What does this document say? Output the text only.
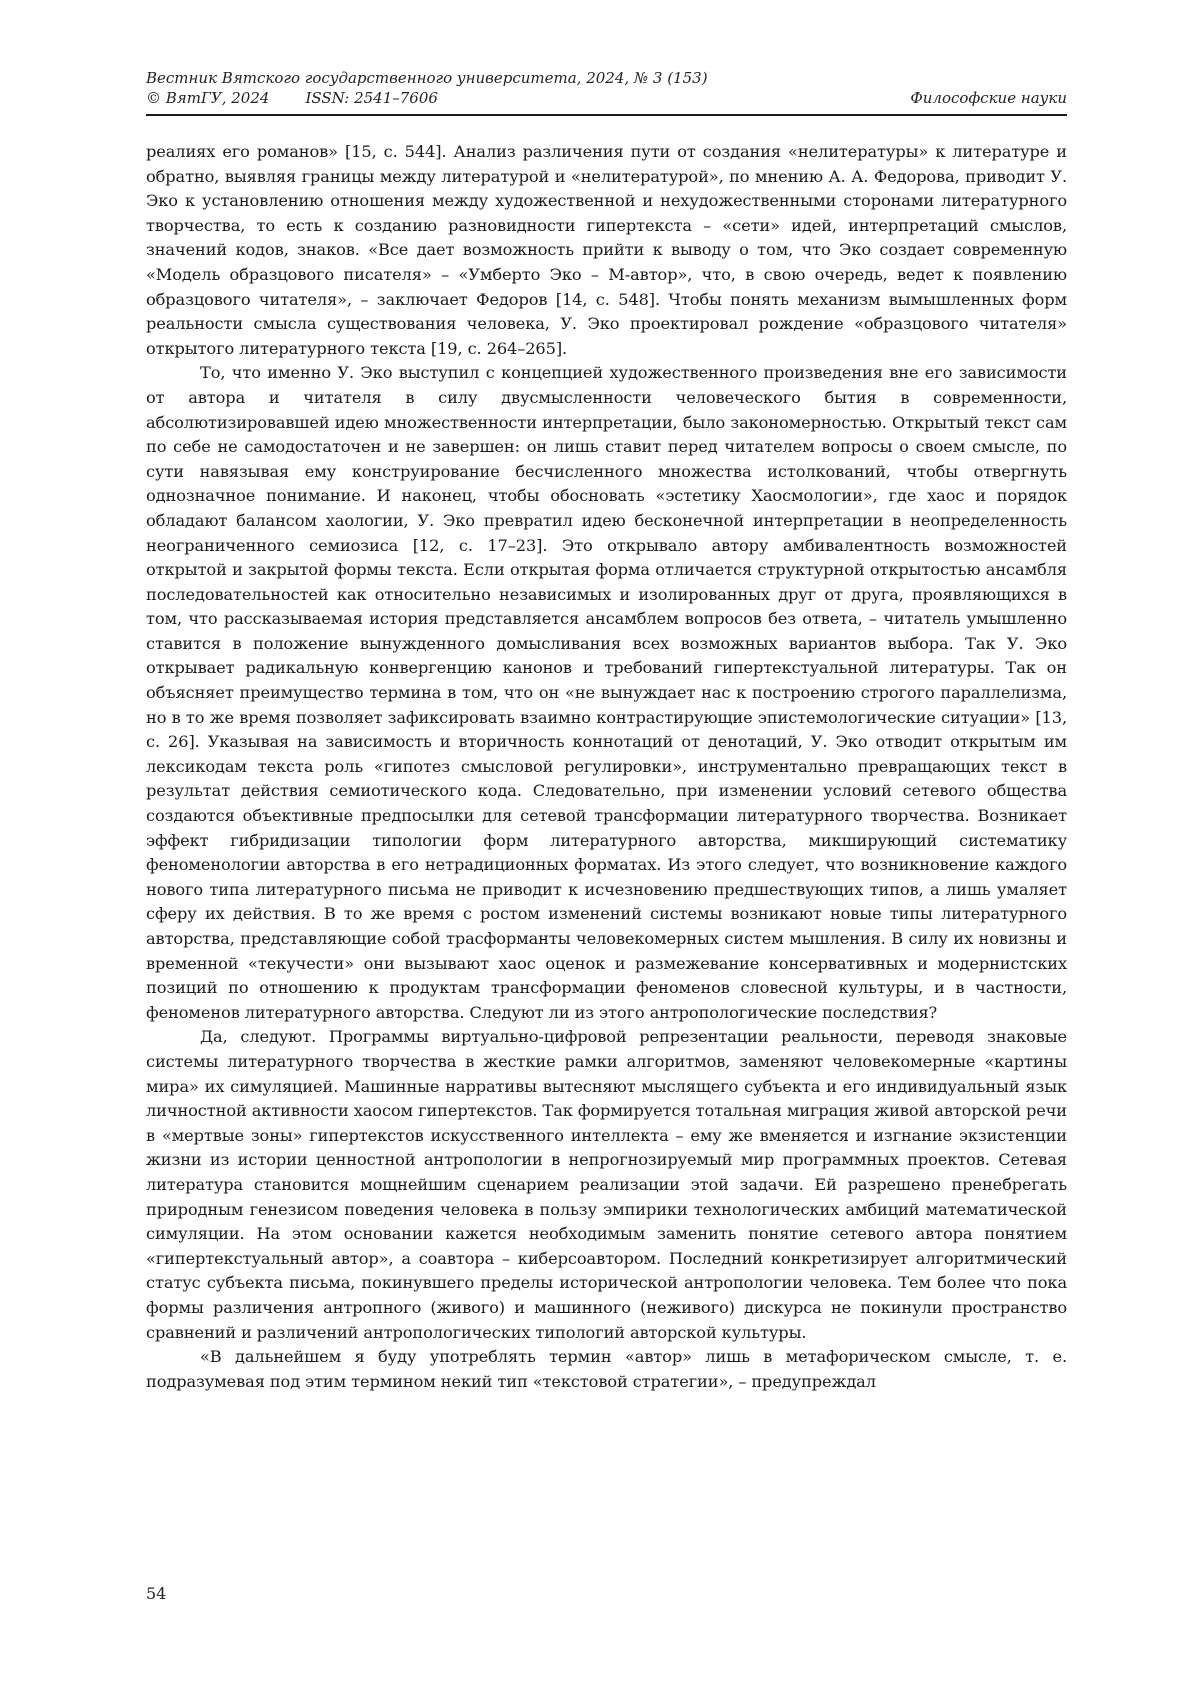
Вестник Вятского государственного университета, 2024, № 3 (153)
© ВятГУ, 2024 ISSN: 2541–7606	Философские науки

реалиях его романов» [15, с. 544]. Анализ различения пути от создания «нелитературы» к литературе и обратно, выявляя границы между литературой и «нелитературой», по мнению А. А. Федорова, приводит У. Эко к установлению отношения между художественной и нехудожественными сторонами литературного творчества, то есть к созданию разновидности гипертекста – «сети» идей, интерпретаций смыслов, значений кодов, знаков. «Все дает возможность прийти к выводу о том, что Эко создает современную «Модель образцового писателя» – «Умберто Эко – М-автор», что, в свою очередь, ведет к появлению образцового читателя», – заключает Федоров [14, с. 548]. Чтобы понять механизм вымышленных форм реальности смысла существования человека, У. Эко проектировал рождение «образцового читателя» открытого литературного текста [19, с. 264–265].

То, что именно У. Эко выступил с концепцией художественного произведения вне его зависимости от автора и читателя в силу двусмысленности человеческого бытия в современности, абсолютизировавшей идею множественности интерпретации, было закономерностью. Открытый текст сам по себе не самодостаточен и не завершен: он лишь ставит перед читателем вопросы о своем смысле, по сути навязывая ему конструирование бесчисленного множества истолкований, чтобы отвергнуть однозначное понимание. И наконец, чтобы обосновать «эстетику Хаосмологии», где хаос и порядок обладают балансом хаологии, У. Эко превратил идею бесконечной интерпретации в неопределенность неограниченного семиозиса [12, с. 17–23]. Это открывало автору амбивалентность возможностей открытой и закрытой формы текста. Если открытая форма отличается структурной открытостью ансамбля последовательностей как относительно независимых и изолированных друг от друга, проявляющихся в том, что рассказываемая история представляется ансамблем вопросов без ответа, – читатель умышленно ставится в положение вынужденного домысливания всех возможных вариантов выбора. Так У. Эко открывает радикальную конвергенцию канонов и требований гипертекстуальной литературы. Так он объясняет преимущество термина в том, что он «не вынуждает нас к построению строгого параллелизма, но в то же время позволяет зафиксировать взаимно контрастирующие эпистемологические ситуации» [13, с. 26]. Указывая на зависимость и вторичность коннотаций от денотаций, У. Эко отводит открытым им лексикодам текста роль «гипотез смысловой регулировки», инструментально превращающих текст в результат действия семиотического кода. Следовательно, при изменении условий сетевого общества создаются объективные предпосылки для сетевой трансформации литературного творчества. Возникает эффект гибридизации типологии форм литературного авторства, микширующий систематику феноменологии авторства в его нетрадиционных форматах. Из этого следует, что возникновение каждого нового типа литературного письма не приводит к исчезновению предшествующих типов, а лишь умаляет сферу их действия. В то же время с ростом изменений системы возникают новые типы литературного авторства, представляющие собой трасформанты человекомерных систем мышления. В силу их новизны и временной «текучести» они вызывают хаос оценок и размежевание консервативных и модернистских позиций по отношению к продуктам трансформации феноменов словесной культуры, и в частности, феноменов литературного авторства. Следуют ли из этого антропологические последствия?

Да, следуют. Программы виртуально-цифровой репрезентации реальности, переводя знаковые системы литературного творчества в жесткие рамки алгоритмов, заменяют человекомерные «картины мира» их симуляцией. Машинные нарративы вытесняют мыслящего субъекта и его индивидуальный язык личностной активности хаосом гипертекстов. Так формируется тотальная миграция живой авторской речи в «мертвые зоны» гипертекстов искусственного интеллекта – ему же вменяется и изгнание экзистенции жизни из истории ценностной антропологии в непрогнозируемый мир программных проектов. Сетевая литература становится мощнейшим сценарием реализации этой задачи. Ей разрешено пренебрегать природным генезисом поведения человека в пользу эмпирики технологических амбиций математической симуляции. На этом основании кажется необходимым заменить понятие сетевого автора понятием «гипертекстуальный автор», а соавтора – киберсоавтором. Последний конкретизирует алгоритмический статус субъекта письма, покинувшего пределы исторической антропологии человека. Тем более что пока формы различения антропного (живого) и машинного (неживого) дискурса не покинули пространство сравнений и различений антропологических типологий авторской культуры.

«В дальнейшем я буду употреблять термин «автор» лишь в метафорическом смысле, т. е. подразумевая под этим термином некий тип «текстовой стратегии», – предупреждал

54
